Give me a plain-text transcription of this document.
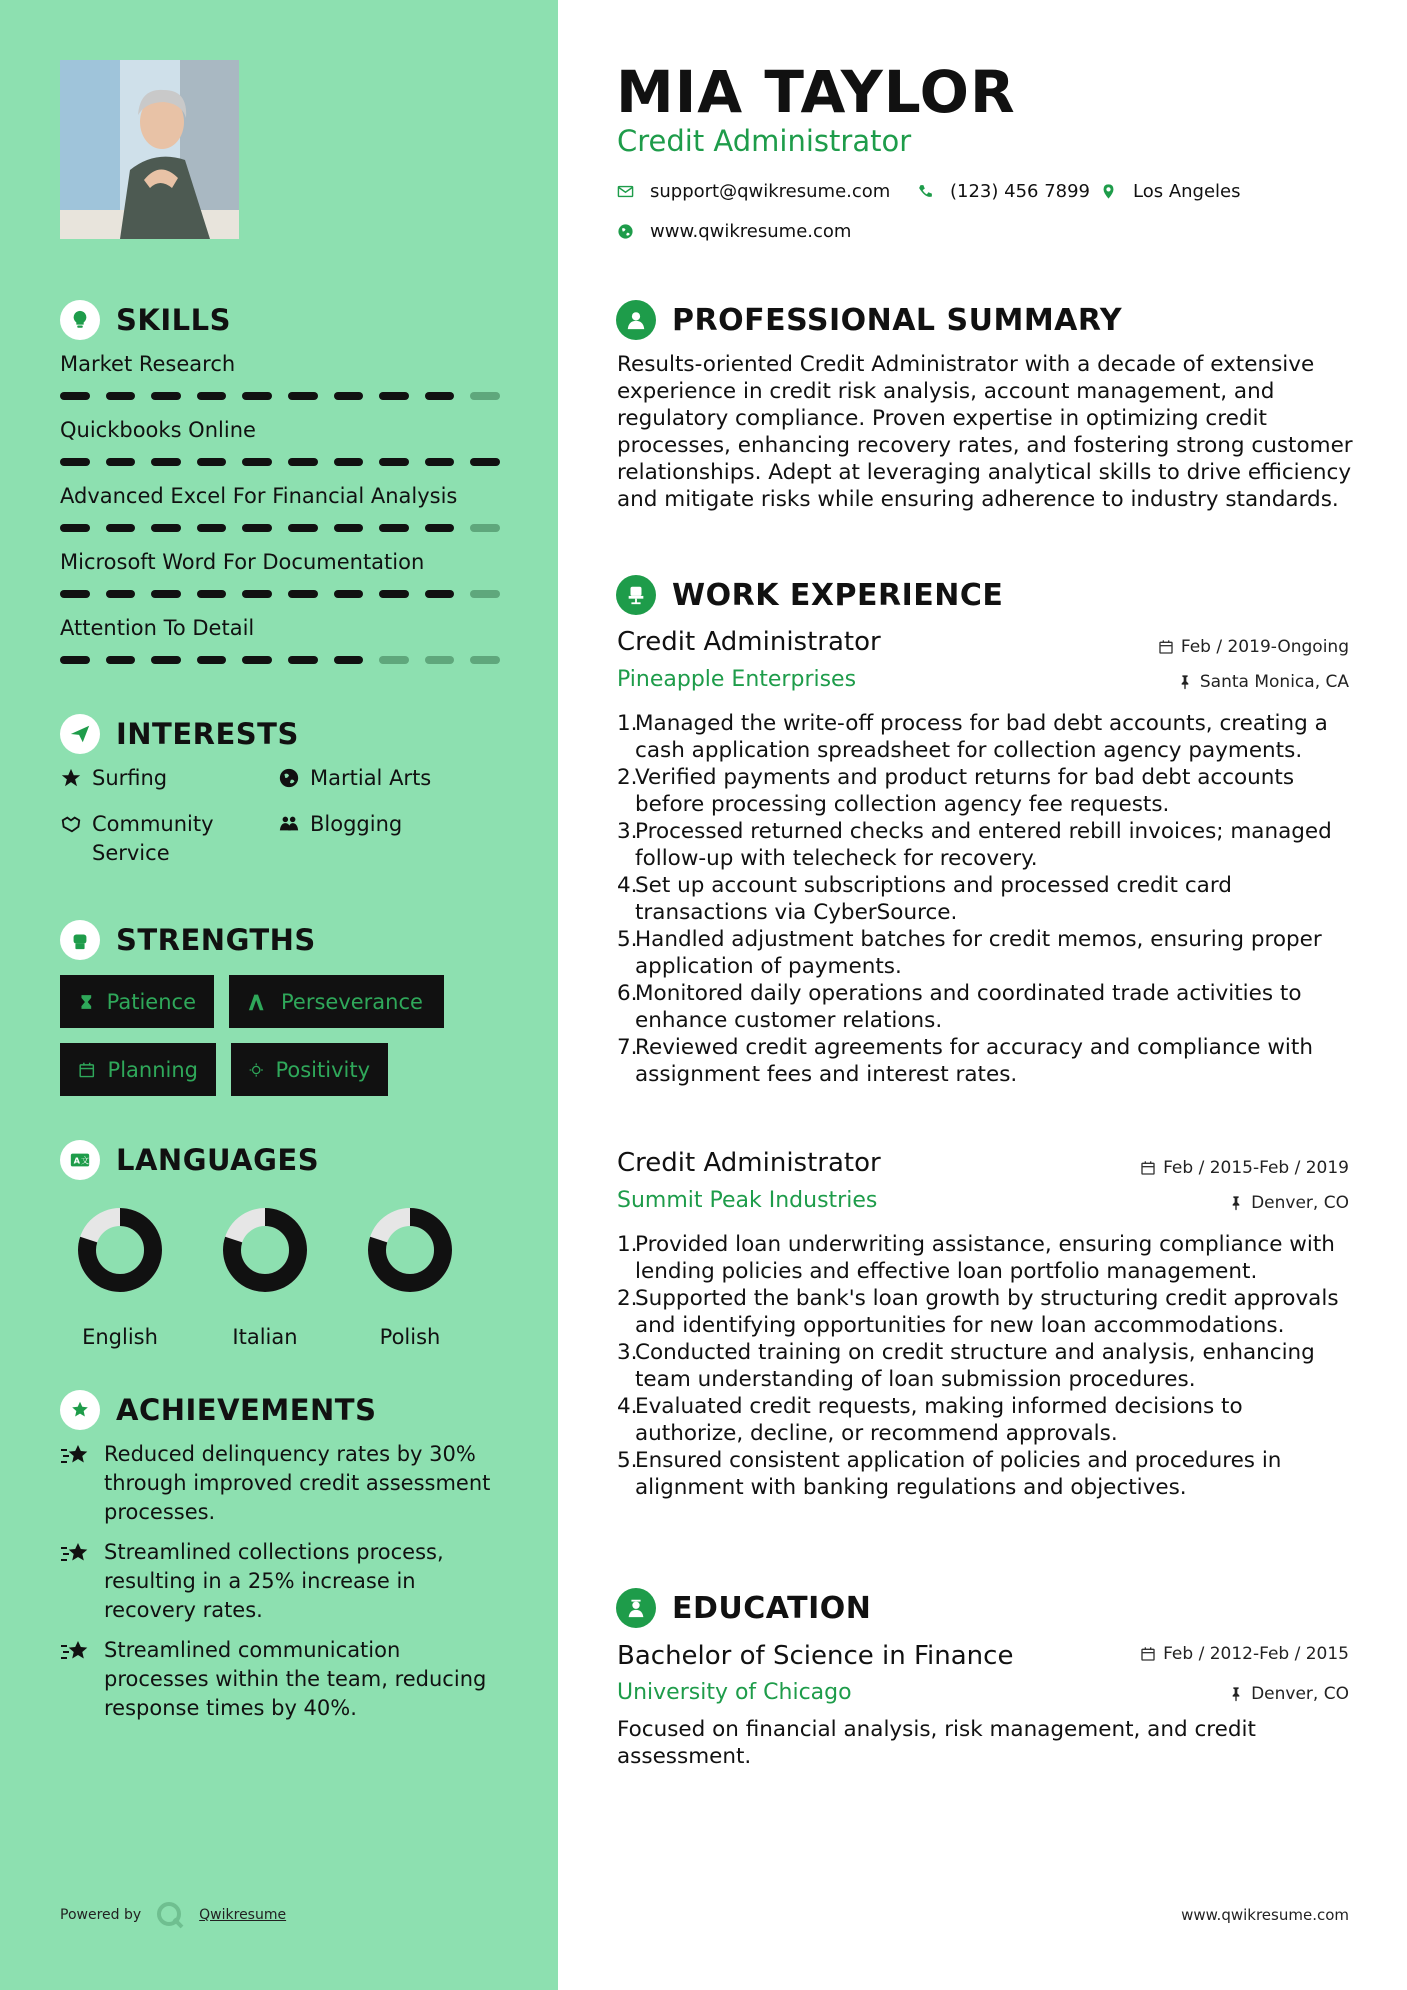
SKILLS
Market Research
Quickbooks Online
Advanced Excel For Financial Analysis
Microsoft Word For Documentation
Attention To Detail
INTERESTS
Surfing	Martial Arts
Community Service
Blogging
STRENGTHS
Patience	Perseverance
Planning	Positivity
A 文 LANGUAGES
English	Italian	Polish
ACHIEVEMENTS
Reduced delinquency rates by 30% through improved credit assessment processes.
Streamlined collections process, resulting in a 25% increase in recovery rates.
Streamlined communication processes within the team, reducing response times by 40%.
Powered by	Qwikresume
MIA TAYLOR
Credit Administrator
support@qwikresume.com	(123) 456 7899 Los Angeles
www.qwikresume.com
PROFESSIONAL SUMMARY
Results-oriented Credit Administrator with a decade of extensive experience in credit risk analysis, account management, and regulatory compliance. Proven expertise in optimizing credit processes, enhancing recovery rates, and fostering strong customer relationships. Adept at leveraging analytical skills to drive efficiency and mitigate risks while ensuring adherence to industry standards.
WORK EXPERIENCE
Credit Administrator	Feb / 2019-Ongoing
Pineapple Enterprises	Santa Monica, CA
1.
Managed the write-off process for bad debt accounts, creating a cash application spreadsheet for collection agency payments.
2.
Verified payments and product returns for bad debt accounts before processing collection agency fee requests.
3.
Processed returned checks and entered rebill invoices; managed follow-up with telecheck for recovery.
4.
Set up account subscriptions and processed credit card transactions via CyberSource.
5.
Handled adjustment batches for credit memos, ensuring proper application of payments.
6.
Monitored daily operations and coordinated trade activities to enhance customer relations.
7.
Reviewed credit agreements for accuracy and compliance with assignment fees and interest rates.
Credit Administrator	Feb / 2015-Feb / 2019
Summit Peak Industries	Denver, CO
1.
Provided loan underwriting assistance, ensuring compliance with lending policies and effective loan portfolio management.
2.
Supported the bank's loan growth by structuring credit approvals and identifying opportunities for new loan accommodations.
3.
Conducted training on credit structure and analysis, enhancing team understanding of loan submission procedures.
4.
Evaluated credit requests, making informed decisions to authorize, decline, or recommend approvals.
5.
Ensured consistent application of policies and procedures in alignment with banking regulations and objectives.
EDUCATION
Bachelor of Science in Finance	Feb / 2012-Feb / 2015
University of Chicago	Denver, CO
Focused on financial analysis, risk management, and credit assessment.
www.qwikresume.com
